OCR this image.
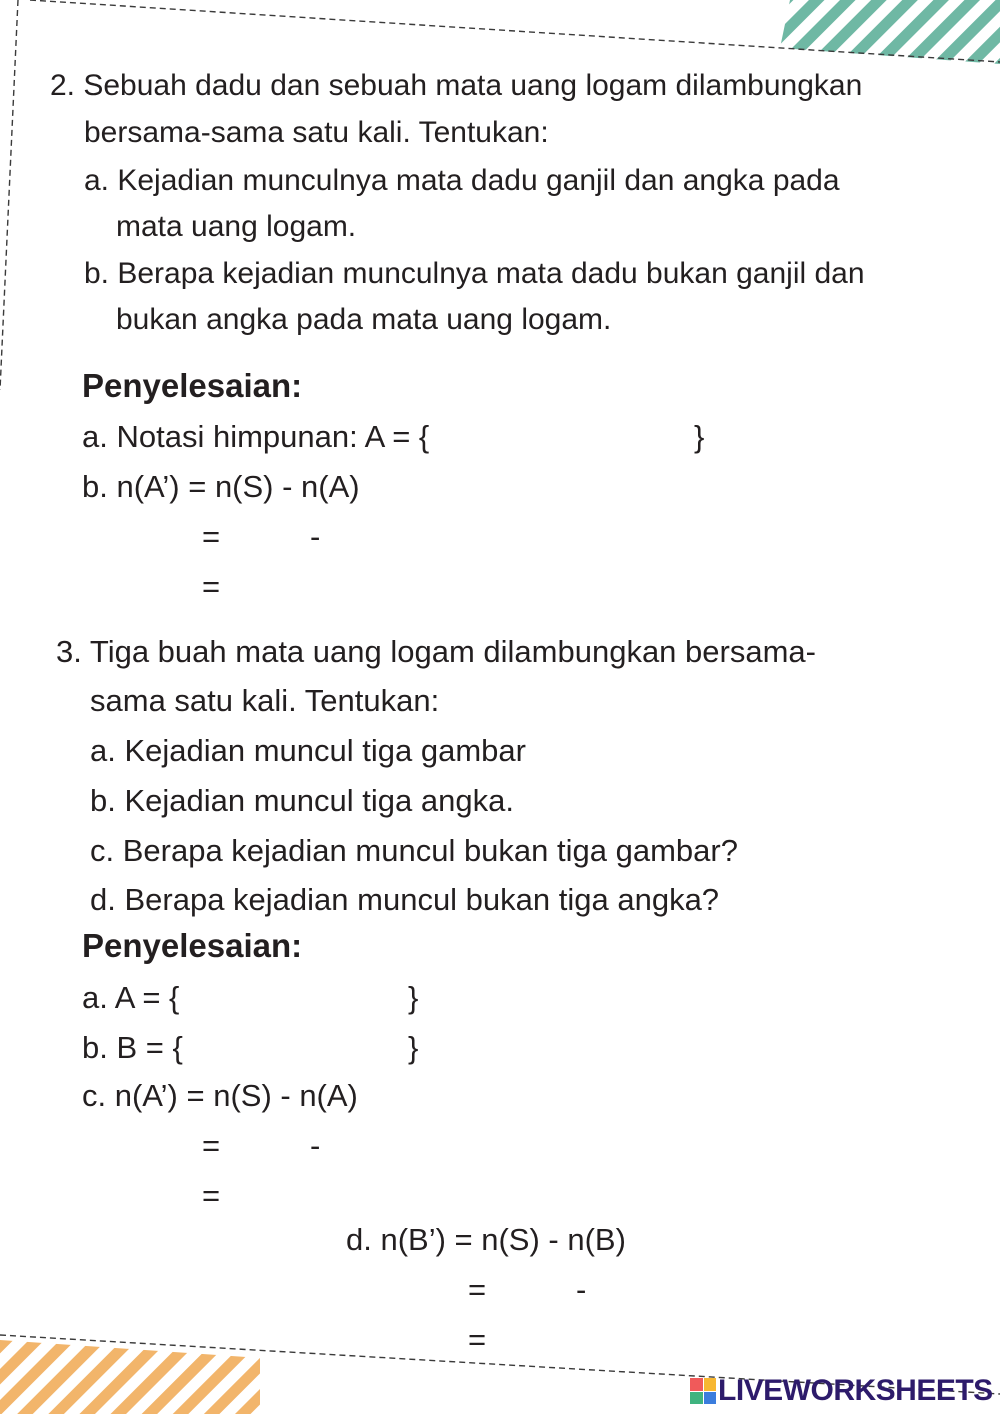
2. Sebuah dadu dan sebuah mata uang logam dilambungkan
bersama-sama satu kali. Tentukan:
a. Kejadian munculnya mata dadu ganjil dan angka pada
mata uang logam.
b. Berapa kejadian munculnya mata dadu bukan ganjil dan
bukan angka pada mata uang logam.
Penyelesaian:
a. Notasi himpunan: A = {	}
b. n(A’) = n(S) - n(A)
=	-
=
3. Tiga buah mata uang logam dilambungkan bersama-
sama satu kali. Tentukan:
a. Kejadian muncul tiga gambar
b. Kejadian muncul tiga angka.
c. Berapa kejadian muncul bukan tiga gambar?
d. Berapa kejadian muncul bukan tiga angka?
Penyelesaian:
a. A = {	}
b. B = {	}
c. n(A’) = n(S) - n(A)
=	-
=
d. n(B’) = n(S) - n(B)
=	-
=
LIVEWORKSHEETS
